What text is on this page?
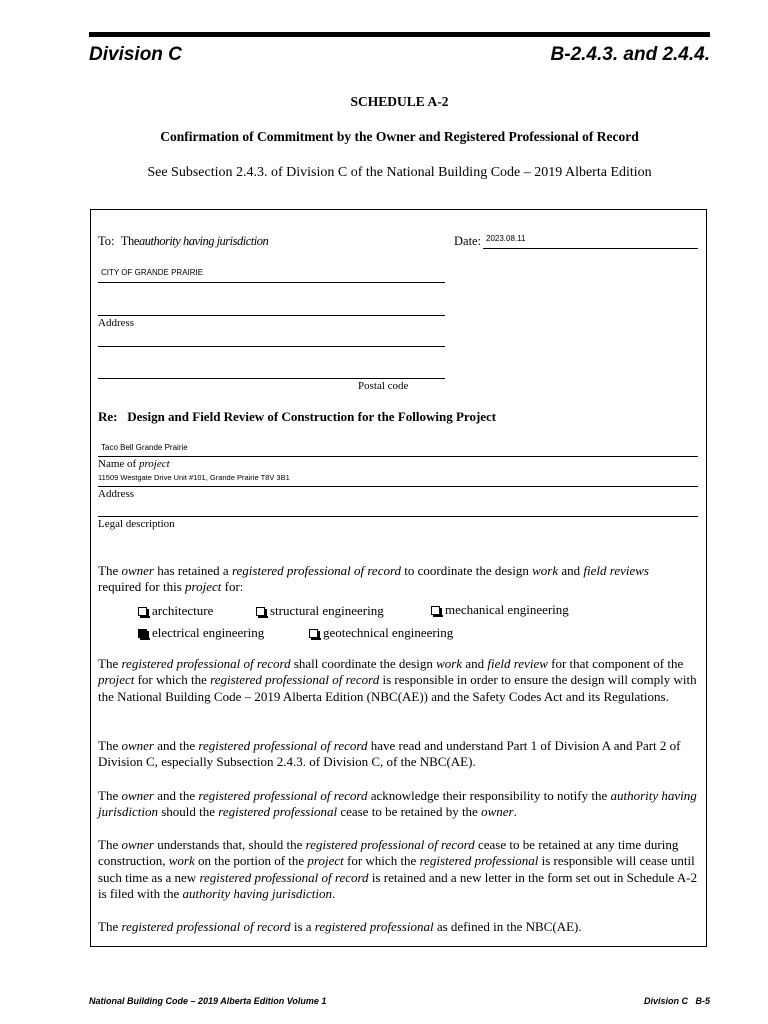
Division C	B-2.4.3. and 2.4.4.
SCHEDULE A-2
Confirmation of Commitment by the Owner and Registered Professional of Record
See Subsection 2.4.3. of Division C of the National Building Code – 2019 Alberta Edition
To: Theauthority having jurisdiction	Date: 2023.08.11
CITY OF GRANDE PRAIRIE
Address
Postal code
Re:   Design and Field Review of Construction for the Following Project
Taco Bell Grande Prairie
Name of project
11509 Westgate Drive Unit #101, Grande Prairie T8V 3B1
Address
Legal description
The owner has retained a registered professional of record to coordinate the design work and field reviews
required for this project for:
architecture	structural engineering	mechanical engineering
electrical engineering	geotechnical engineering
The registered professional of record shall coordinate the design work and field review for that component of the project for which the registered professional of record is responsible in order to ensure the design will comply with the National Building Code – 2019 Alberta Edition (NBC(AE)) and the Safety Codes Act and its Regulations.
The owner and the registered professional of record have read and understand Part 1 of Division A and Part 2 of Division C, especially Subsection 2.4.3. of Division C, of the NBC(AE).
The owner and the registered professional of record acknowledge their responsibility to notify the authority having jurisdiction should the registered professional cease to be retained by the owner.
The owner understands that, should the registered professional of record cease to be retained at any time during construction, work on the portion of the project for which the registered professional is responsible will cease until such time as a new registered professional of record is retained and a new letter in the form set out in Schedule A-2 is filed with the authority having jurisdiction.
The registered professional of record is a registered professional as defined in the NBC(AE).
National Building Code – 2019 Alberta Edition Volume 1	Division C   B-5
